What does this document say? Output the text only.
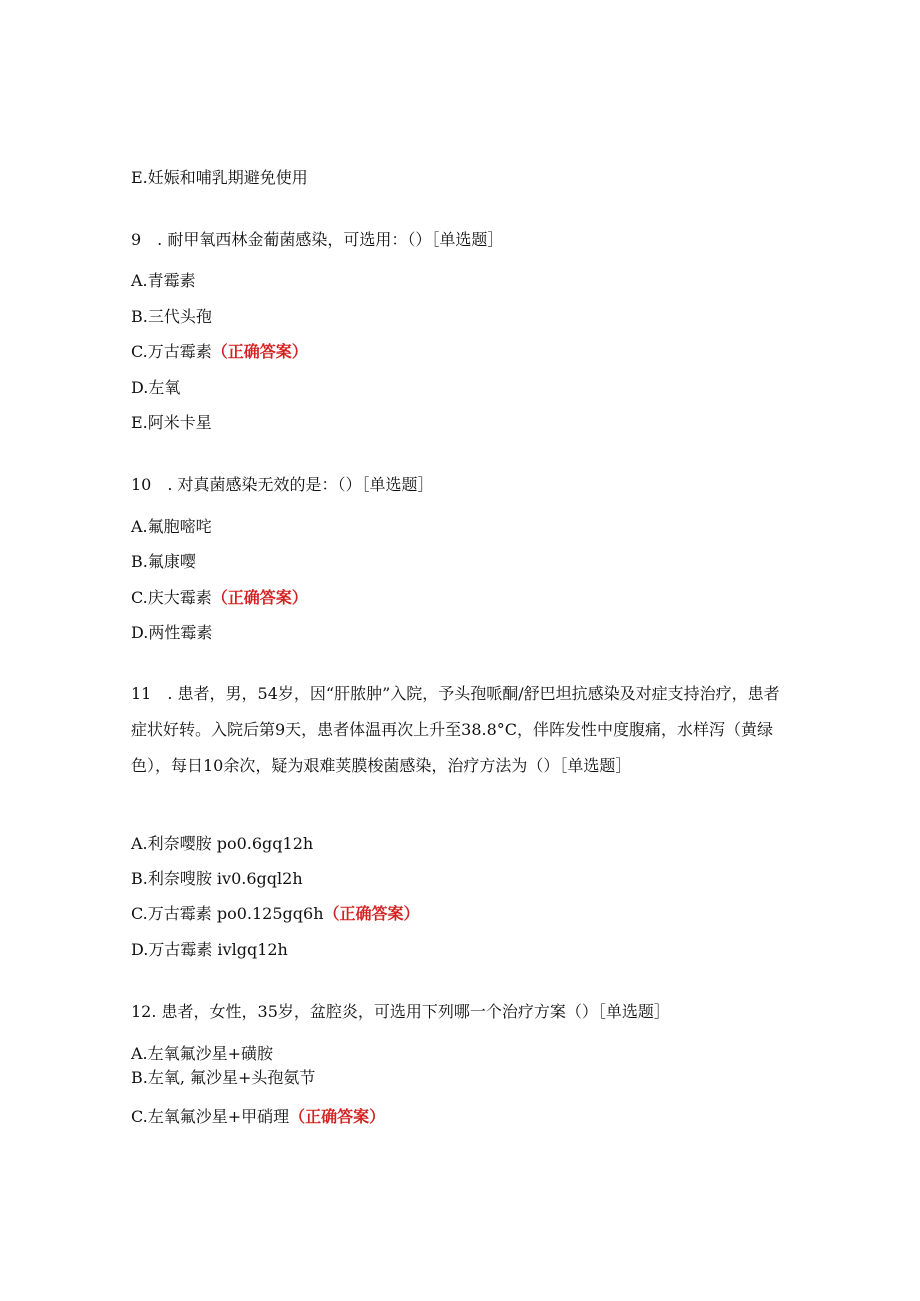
E.妊娠和哺乳期避免使用
9　. 耐甲氧西林金葡菌感染，可选用：（）［单选题］
A.青霉素
B.三代头孢
C.万古霉素（正确答案）
D.左氧
E.阿米卡星
10　. 对真菌感染无效的是：（）［单选题］
A.氟胞嘧咤
B.氟康嘤
C.庆大霉素（正确答案）
D.两性霉素
11　. 患者，男，54岁，因“肝脓肿”入院，予头孢哌酮/舒巴坦抗感染及对症支持治疗，患者症状好转。入院后第9天，患者体温再次上升至38.8°C，伴阵发性中度腹痛，水样泻（黄绿色），每日10余次，疑为艰难荚膜梭菌感染，治疗方法为（）［单选题］
A.利奈嘤胺 po0.6gq12h
B.利奈嗖胺 iv0.6gql2h
C.万古霉素 po0.125gq6h（正确答案）
D.万古霉素 ivlgq12h
12. 患者，女性，35岁，盆腔炎，可选用下列哪一个治疗方案（）［单选题］
A.左氧氟沙星+磺胺
B.左氧, 氟沙星+头孢氨节
C.左氧氟沙星+甲硝理（正确答案）
